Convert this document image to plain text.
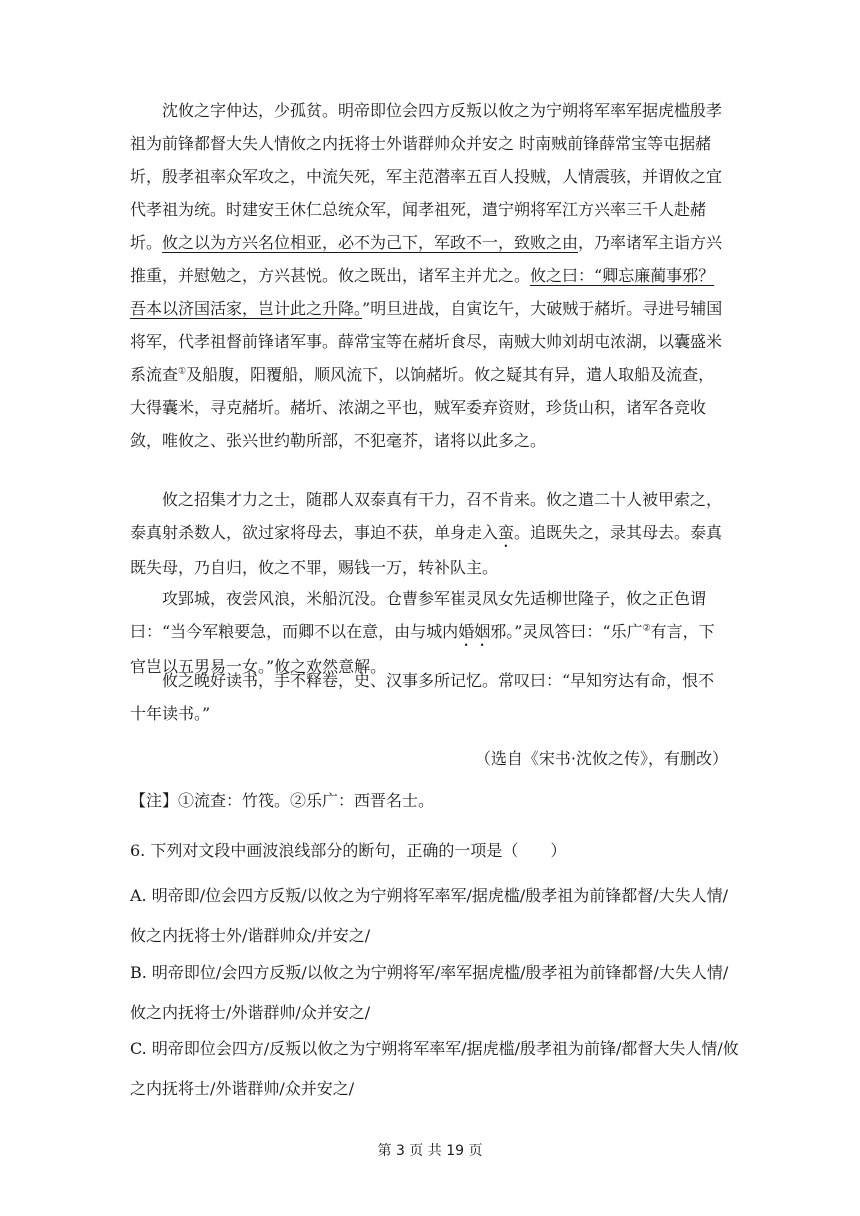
沈攸之字仲达，少孤贫。明帝即位会四方反叛以攸之为宁朔将军率军据虎槛殷孝祖为前锋都督大失人情攸之内抚将士外谐群帅众并安之 时南贼前锋薛常宝等屯据赭圻，殷孝祖率众军攻之，中流矢死，军主范潜率五百人投贼，人情震骇，并谓攸之宜代孝祖为统。时建安王休仁总统众军，闻孝祖死，遣宁朔将军江方兴率三千人赴赭圻。攸之以为方兴名位相亚，必不为己下，军政不一，致败之由，乃率诸军主诣方兴推重，并慰勉之，方兴甚悦。攸之既出，诸军主并尤之。攸之曰：“卿忘廉蔺事邪？吾本以济国活家，岂计此之升降。”明旦进战，自寅讫午，大破贼于赭圻。寻进号辅国将军，代孝祖督前锋诸军事。薛常宝等在赭圻食尽，南贼大帅刘胡屯浓湖，以囊盛米系流查①及船腹，阳覆船，顺风流下，以饷赭圻。攸之疑其有异，遣人取船及流查，大得囊米，寻克赭圻。赭圻、浓湖之平也，贼军委弃资财，珍货山积，诸军各竞收敛，唯攸之、张兴世约勒所部，不犯毫芥，诸将以此多之。

攸之招集才力之士，随郡人双泰真有干力，召不肯来。攸之遣二十人被甲索之，泰真射杀数人，欲过家将母去，事迫不获，单身走入蛮。追既失之，录其母去。泰真既失母，乃自归，攸之不罪，赐钱一万，转补队主。

攻郢城，夜尝风浪，米船沉没。仓曹参军崔灵凤女先适柳世隆子，攸之正色谓曰：“当今军粮要急，而卿不以在意，由与城内婚姻邪。”灵凤答曰：“乐广②有言，下官岂以五男易一女。”攸之欢然意解。

攸之晚好读书，手不释卷，史、汉事多所记忆。常叹曰：“早知穷达有命，恨不十年读书。”

（选自《宋书·沈攸之传》，有删改）
【注】①流查：竹筏。②乐广：西晋名士。
6. 下列对文段中画波浪线部分的断句，正确的一项是（　　）

A. 明帝即/位会四方反叛/以攸之为宁朔将军率军/据虎槛/殷孝祖为前锋都督/大失人情/攸之内抚将士外/谐群帅众/并安之/

B. 明帝即位/会四方反叛/以攸之为宁朔将军/率军据虎槛/殷孝祖为前锋都督/大失人情/攸之内抚将士/外谐群帅/众并安之/

C. 明帝即位会四方/反叛以攸之为宁朔将军率军/据虎槛/殷孝祖为前锋/都督大失人情/攸之内抚将士/外谐群帅/众并安之/

第 3 页 共 19 页
